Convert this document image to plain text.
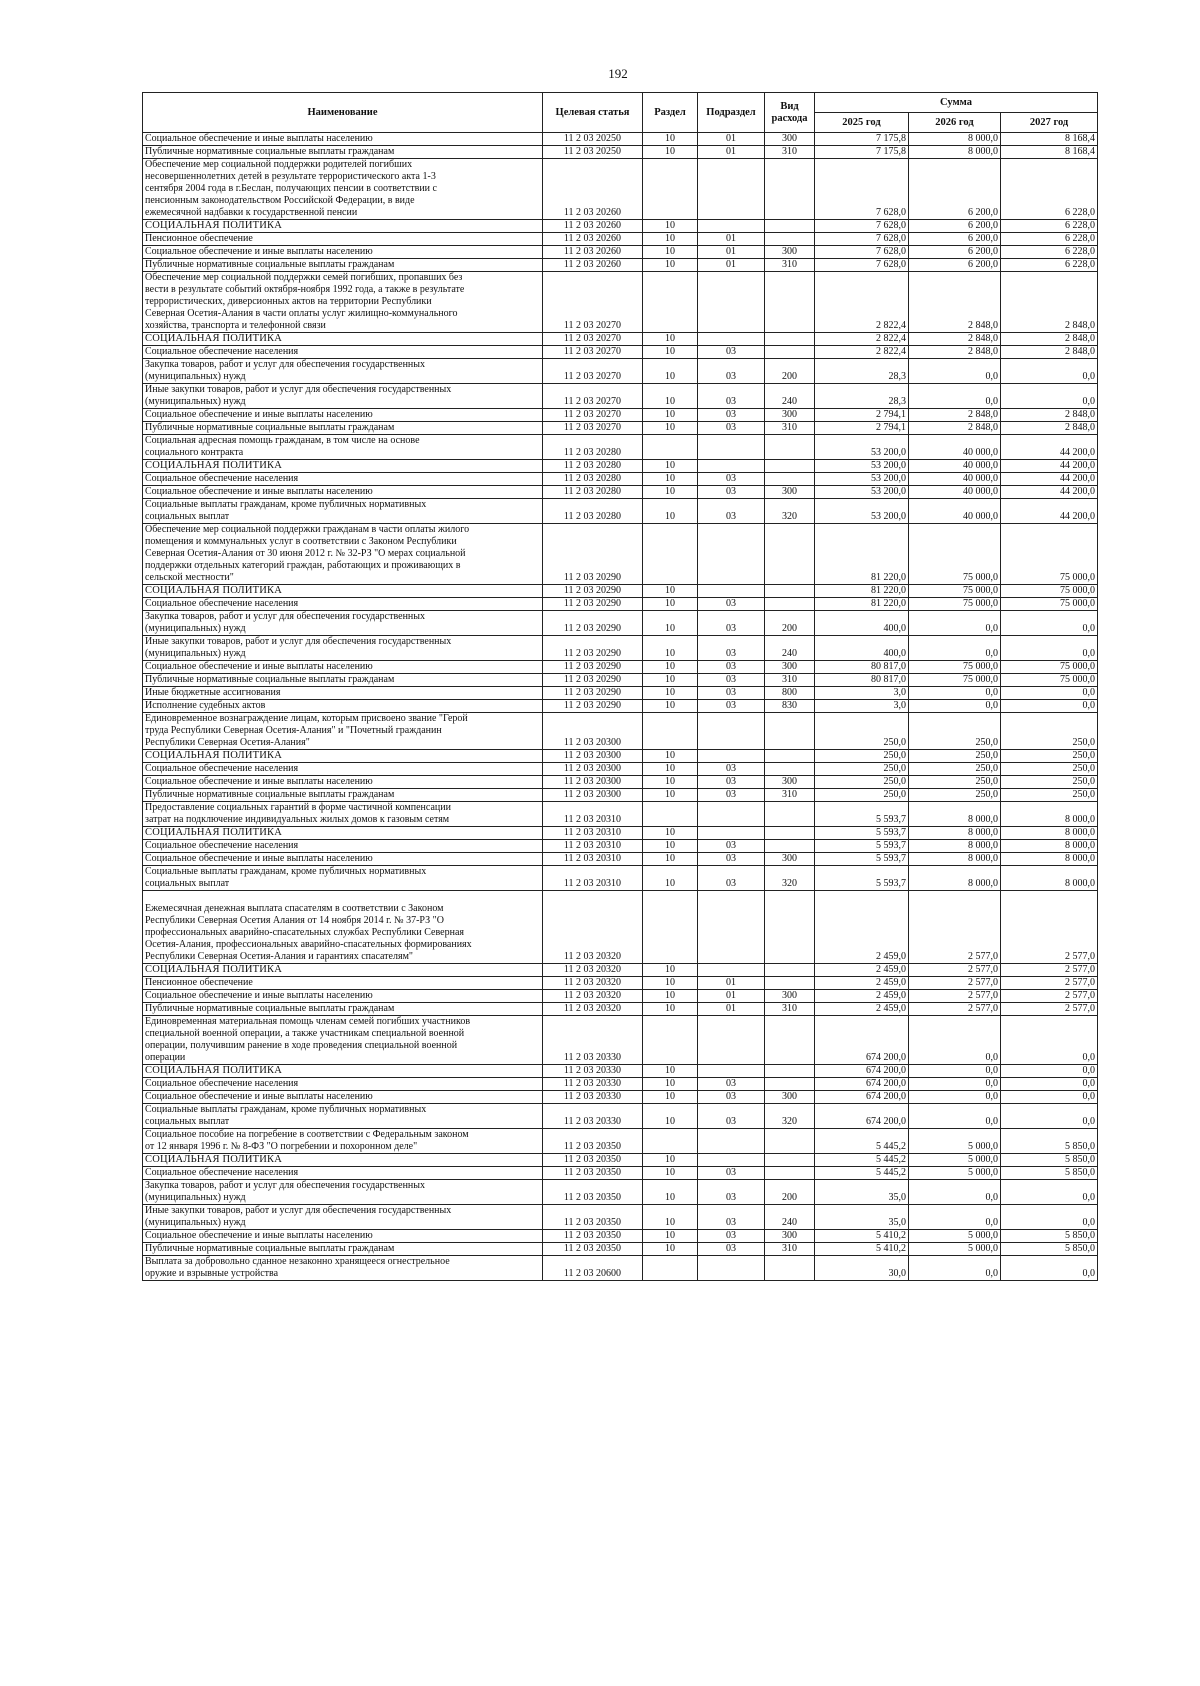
192
Наименование	Целевая статья	Раздел	Подраздел	Вид расхода	Сумма		
					2025 год	2026 год	2027 год
Социальное обеспечение и иные выплаты населению	11 2 03 20250	10	01	300	7 175,8	8 000,0	8 168,4
Публичные нормативные социальные выплаты гражданам	11 2 03 20250	10	01	310	7 175,8	8 000,0	8 168,4
Обеспечение мер социальной поддержки родителей погибших
несовершеннолетних детей в результате террористического акта 1-3
сентября 2004 года в г.Беслан, получающих пенсии в соответствии с
пенсионным законодательством Российской Федерации, в виде
ежемесячной надбавки к государственной пенсии	11 2 03 20260				7 628,0	6 200,0	6 228,0
СОЦИАЛЬНАЯ ПОЛИТИКА	11 2 03 20260	10			7 628,0	6 200,0	6 228,0
Пенсионное обеспечение	11 2 03 20260	10	01		7 628,0	6 200,0	6 228,0
Социальное обеспечение и иные выплаты населению	11 2 03 20260	10	01	300	7 628,0	6 200,0	6 228,0
Публичные нормативные социальные выплаты гражданам	11 2 03 20260	10	01	310	7 628,0	6 200,0	6 228,0
Обеспечение мер социальной поддержки семей погибших, пропавших без
вести в результате событий октября-ноября 1992 года, а также в результате
террористических, диверсионных актов на территории Республики
Северная Осетия-Алания в части оплаты услуг жилищно-коммунального
хозяйства, транспорта и телефонной связи	11 2 03 20270				2 822,4	2 848,0	2 848,0
СОЦИАЛЬНАЯ ПОЛИТИКА	11 2 03 20270	10			2 822,4	2 848,0	2 848,0
Социальное обеспечение населения	11 2 03 20270	10	03		2 822,4	2 848,0	2 848,0
Закупка товаров, работ и услуг для обеспечения государственных
(муниципальных) нужд	11 2 03 20270	10	03	200	28,3	0,0	0,0
Иные закупки товаров, работ и услуг для обеспечения государственных
(муниципальных) нужд	11 2 03 20270	10	03	240	28,3	0,0	0,0
Социальное обеспечение и иные выплаты населению	11 2 03 20270	10	03	300	2 794,1	2 848,0	2 848,0
Публичные нормативные социальные выплаты гражданам	11 2 03 20270	10	03	310	2 794,1	2 848,0	2 848,0
Социальная адресная помощь гражданам, в том числе на основе
социального контракта	11 2 03 20280				53 200,0	40 000,0	44 200,0
СОЦИАЛЬНАЯ ПОЛИТИКА	11 2 03 20280	10			53 200,0	40 000,0	44 200,0
Социальное обеспечение населения	11 2 03 20280	10	03		53 200,0	40 000,0	44 200,0
Социальное обеспечение и иные выплаты населению	11 2 03 20280	10	03	300	53 200,0	40 000,0	44 200,0
Социальные выплаты гражданам, кроме публичных нормативных
социальных выплат	11 2 03 20280	10	03	320	53 200,0	40 000,0	44 200,0
Обеспечение мер социальной поддержки гражданам в части оплаты жилого
помещения и коммунальных услуг в соответствии с Законом Республики
Северная Осетия-Алания от 30 июня 2012 г. № 32-РЗ "О мерах социальной
поддержки отдельных категорий граждан, работающих и проживающих в
сельской местности"	11 2 03 20290				81 220,0	75 000,0	75 000,0
СОЦИАЛЬНАЯ ПОЛИТИКА	11 2 03 20290	10			81 220,0	75 000,0	75 000,0
Социальное обеспечение населения	11 2 03 20290	10	03		81 220,0	75 000,0	75 000,0
Закупка товаров, работ и услуг для обеспечения государственных
(муниципальных) нужд	11 2 03 20290	10	03	200	400,0	0,0	0,0
Иные закупки товаров, работ и услуг для обеспечения государственных
(муниципальных) нужд	11 2 03 20290	10	03	240	400,0	0,0	0,0
Социальное обеспечение и иные выплаты населению	11 2 03 20290	10	03	300	80 817,0	75 000,0	75 000,0
Публичные нормативные социальные выплаты гражданам	11 2 03 20290	10	03	310	80 817,0	75 000,0	75 000,0
Иные бюджетные ассигнования	11 2 03 20290	10	03	800	3,0	0,0	0,0
Исполнение судебных актов	11 2 03 20290	10	03	830	3,0	0,0	0,0
Единовременное вознаграждение лицам, которым присвоено звание "Герой
труда Республики Северная Осетия-Алания" и "Почетный гражданин
Республики Северная Осетия-Алания"	11 2 03 20300				250,0	250,0	250,0
СОЦИАЛЬНАЯ ПОЛИТИКА	11 2 03 20300	10			250,0	250,0	250,0
Социальное обеспечение населения	11 2 03 20300	10	03		250,0	250,0	250,0
Социальное обеспечение и иные выплаты населению	11 2 03 20300	10	03	300	250,0	250,0	250,0
Публичные нормативные социальные выплаты гражданам	11 2 03 20300	10	03	310	250,0	250,0	250,0
Предоставление социальных гарантий в форме частичной компенсации
затрат на подключение индивидуальных жилых домов к газовым сетям	11 2 03 20310				5 593,7	8 000,0	8 000,0
СОЦИАЛЬНАЯ ПОЛИТИКА	11 2 03 20310	10			5 593,7	8 000,0	8 000,0
Социальное обеспечение населения	11 2 03 20310	10	03		5 593,7	8 000,0	8 000,0
Социальное обеспечение и иные выплаты населению	11 2 03 20310	10	03	300	5 593,7	8 000,0	8 000,0
Социальные выплаты гражданам, кроме публичных нормативных
социальных выплат	11 2 03 20310	10	03	320	5 593,7	8 000,0	8 000,0

Ежемесячная денежная выплата спасателям в соответствии с Законом
Республики Северная Осетия Алания от 14 ноября 2014 г. № 37-РЗ "О
профессиональных аварийно-спасательных службах Республики Северная
Осетия-Алания, профессиональных аварийно-спасательных формированиях
Республики Северная Осетия-Алания и гарантиях спасателям"	11 2 03 20320				2 459,0	2 577,0	2 577,0
СОЦИАЛЬНАЯ ПОЛИТИКА	11 2 03 20320	10			2 459,0	2 577,0	2 577,0
Пенсионное обеспечение	11 2 03 20320	10	01		2 459,0	2 577,0	2 577,0
Социальное обеспечение и иные выплаты населению	11 2 03 20320	10	01	300	2 459,0	2 577,0	2 577,0
Публичные нормативные социальные выплаты гражданам	11 2 03 20320	10	01	310	2 459,0	2 577,0	2 577,0
Единовременная материальная помощь членам семей погибших участников
специальной военной операции, а также участникам специальной военной
операции, получившим ранение в ходе проведения специальной военной
операции	11 2 03 20330				674 200,0	0,0	0,0
СОЦИАЛЬНАЯ ПОЛИТИКА	11 2 03 20330	10			674 200,0	0,0	0,0
Социальное обеспечение населения	11 2 03 20330	10	03		674 200,0	0,0	0,0
Социальное обеспечение и иные выплаты населению	11 2 03 20330	10	03	300	674 200,0	0,0	0,0
Социальные выплаты гражданам, кроме публичных нормативных
социальных выплат	11 2 03 20330	10	03	320	674 200,0	0,0	0,0
Социальное пособие на погребение в соответствии с Федеральным законом
от 12 января 1996 г. № 8-ФЗ "О погребении и похоронном деле"	11 2 03 20350				5 445,2	5 000,0	5 850,0
СОЦИАЛЬНАЯ ПОЛИТИКА	11 2 03 20350	10			5 445,2	5 000,0	5 850,0
Социальное обеспечение населения	11 2 03 20350	10	03		5 445,2	5 000,0	5 850,0
Закупка товаров, работ и услуг для обеспечения государственных
(муниципальных) нужд	11 2 03 20350	10	03	200	35,0	0,0	0,0
Иные закупки товаров, работ и услуг для обеспечения государственных
(муниципальных) нужд	11 2 03 20350	10	03	240	35,0	0,0	0,0
Социальное обеспечение и иные выплаты населению	11 2 03 20350	10	03	300	5 410,2	5 000,0	5 850,0
Публичные нормативные социальные выплаты гражданам	11 2 03 20350	10	03	310	5 410,2	5 000,0	5 850,0
Выплата за добровольно сданное незаконно хранящееся огнестрельное
оружие и взрывные устройства	11 2 03 20600				30,0	0,0	0,0
